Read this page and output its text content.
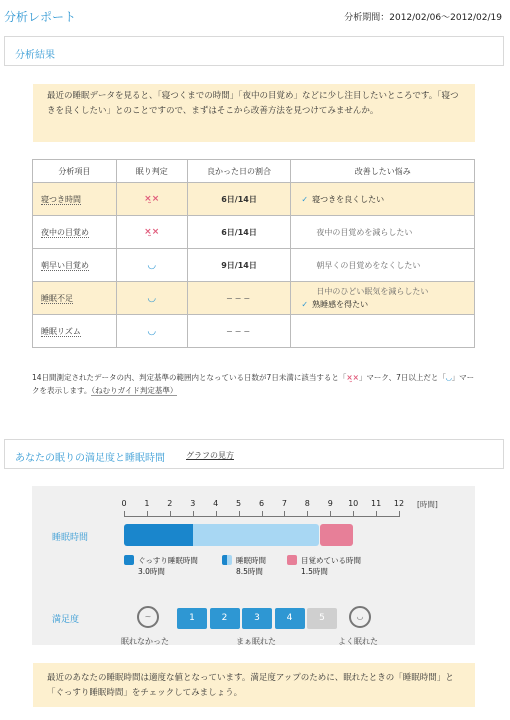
分析レポート	分析期間：2012/02/06〜2012/02/19
分析結果
最近の睡眠データを見ると、「寝つくまでの時間」「夜中の目覚め」などに少し注目したいところです。「寝つきを良くしたい」とのことですので、まずはそこから改善方法を見つけてみませんか。
分析項目	眠り判定	良かった日の割合	改善したい悩み
寝つき時間	×̮×	6日/14日	✓ 寝つきを良くしたい

夜中の目覚め	×̮×	6日/14日	夜中の目覚めを減らしたい

朝早い目覚め	◡	9日/14日	朝早くの目覚めをなくしたい

睡眠不足	◡	−−−	日中のひどい眠気を減らしたい
✓ 熟睡感を得たい

睡眠リズム	◡	−−−	
14日間測定されたデータの内、判定基準の範囲内となっている日数が7日未満に該当すると「×̮×」マーク、7日以上だと「◡」マークを表示します。（ねむりガイド判定基準）
あなたの眠りの満足度と睡眠時間	グラフの見方
睡眠時間
0	1	2	3	4	5	6	7	8	9	10	11	12	[時間]
ぐっすり睡眠時間
3.0時間
睡眠時間
8.5時間
目覚めている時間
1.5時間
満足度	~	1	2	3	4	5	◡
眠れなかった	まぁ眠れた	よく眠れた
最近のあなたの睡眠時間は適度な値となっています。満足度アップのために、眠れたときの「睡眠時間」と「ぐっすり睡眠時間」をチェックしてみましょう。
